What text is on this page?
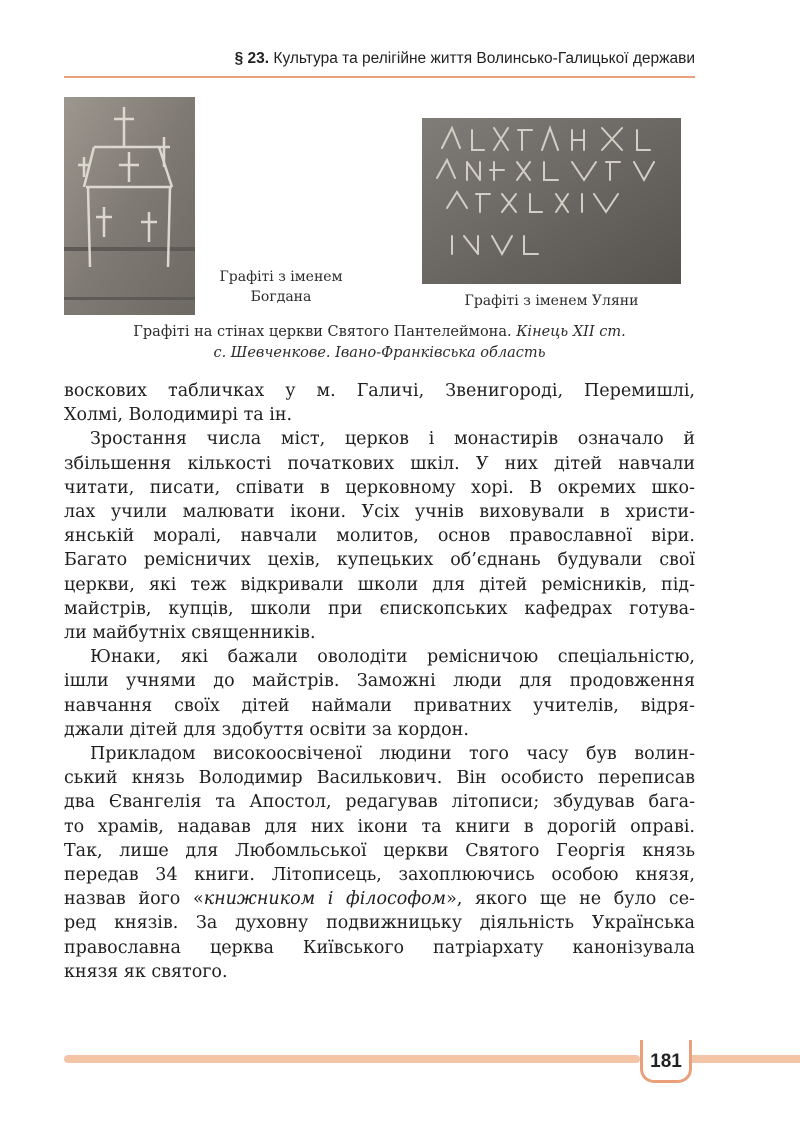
§ 23. Культура та релігійне життя Волинсько-Галицької держави
Графіті з іменем
Богдана	Графіті з іменем Уляни
Графіті на стінах церкви Святого Пантелеймона. Кінець XII ст.
с. Шевченкове. Івано-Франківська область

воскових табличках у м. Галичі, Звенигороді, Перемишлі,

Холмі, Володимирі та ін.

Зростання числа міст, церков і монастирів означало й

збільшення кількості початкових шкіл. У них дітей навчали

читати, писати, співати в церковному хорі. В окремих шко-

лах учили малювати ікони. Усіх учнів виховували в христи-

янській моралі, навчали молитов, основ православної віри.

Багато ремісничих цехів, купецьких об’єднань будували свої

церкви, які теж відкривали школи для дітей ремісників, під-

майстрів, купців, школи при єпископських кафедрах готува-

ли майбутніх священників.

Юнаки, які бажали оволодіти ремісничою спеціальністю,

ішли учнями до майстрів. Заможні люди для продовження

навчання своїх дітей наймали приватних учителів, відря-

джали дітей для здобуття освіти за кордон.

Прикладом високоосвіченої людини того часу був волин-

ський князь Володимир Василькович. Він особисто переписав

два Євангелія та Апостол, редагував літописи; збудував бага-

то храмів, надавав для них ікони та книги в дорогій оправі.

Так, лише для Любомльської церкви Святого Георгія князь

передав 34 книги. Літописець, захоплюючись особою князя,

назвав його «книжником і філософом», якого ще не було се-

ред князів. За духовну подвижницьку діяльність Українська

православна церква Київського патріархату канонізувала

князя як святого.

181
